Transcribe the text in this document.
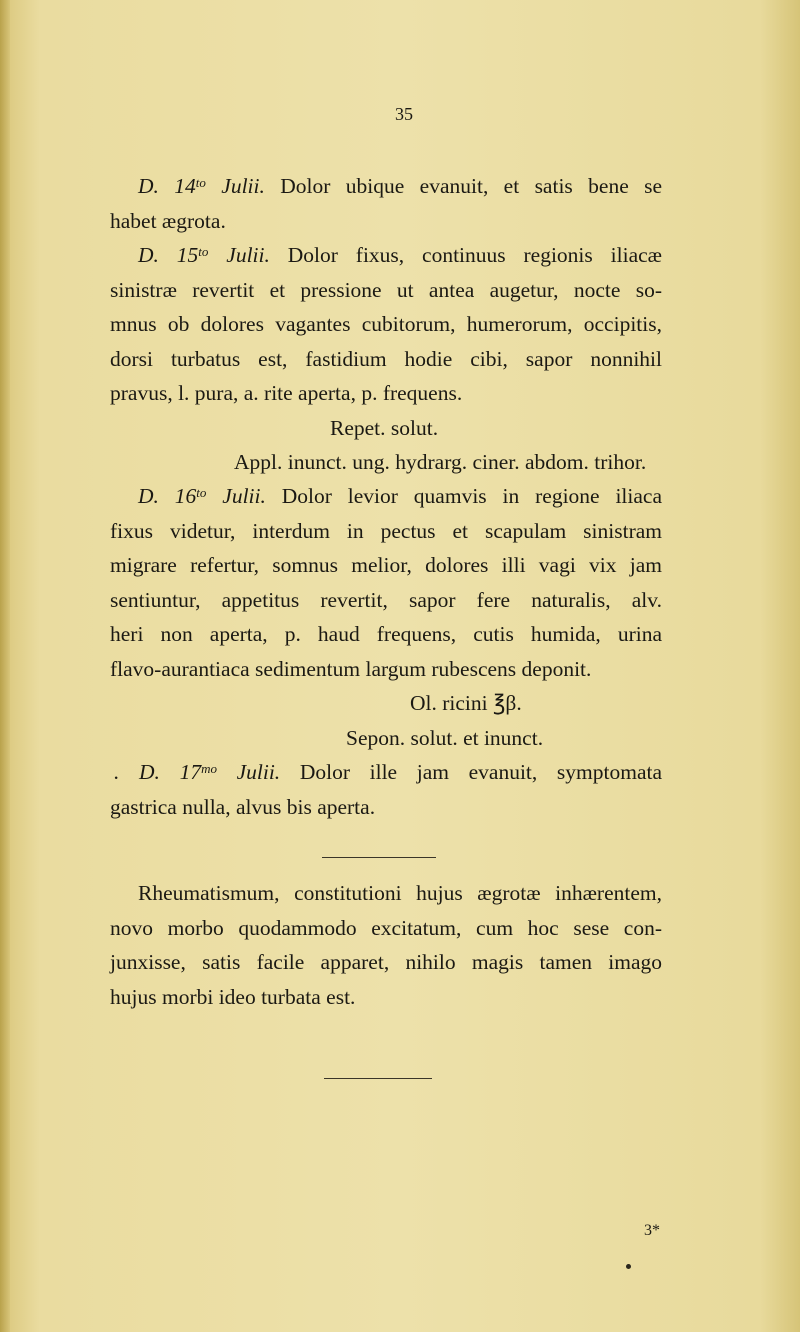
35
D. $14^{to}$ Julii. Dolor ubique evanuit, et satis bene se
habet ægrota.
D. $15^{to}$ Julii. Dolor fixus, continuus regionis iliacæ
sinistræ revertit et pressione ut antea augetur, nocte so-
mnus ob dolores vagantes cubitorum, humerorum, occipitis,
dorsi turbatus est, fastidium hodie cibi, sapor nonnihil
pravus, l. pura, a. rite aperta, p. frequens.
Repet. solut.
Appl. inunct. ung. hydrarg. ciner. abdom. trihor.
D. $16^{to}$ Julii. Dolor levior quamvis in regione iliaca
fixus videtur, interdum in pectus et scapulam sinistram
migrare refertur, somnus melior, dolores illi vagi vix jam
sentiuntur, appetitus revertit, sapor fere naturalis, alv.
heri non aperta, p. haud frequens, cutis humida, urina
flavo-aurantiaca sedimentum largum rubescens deponit.
Ol. ricini ℥β.
Sepon. solut. et inunct.
. D. $17^{mo}$ Julii. Dolor ille jam evanuit, symptomata
gastrica nulla, alvus bis aperta.
Rheumatismum, constitutioni hujus ægrotæ inhærentem,
novo morbo quodammodo excitatum, cum hoc sese con-
junxisse, satis facile apparet, nihilo magis tamen imago
hujus morbi ideo turbata est.
3*
